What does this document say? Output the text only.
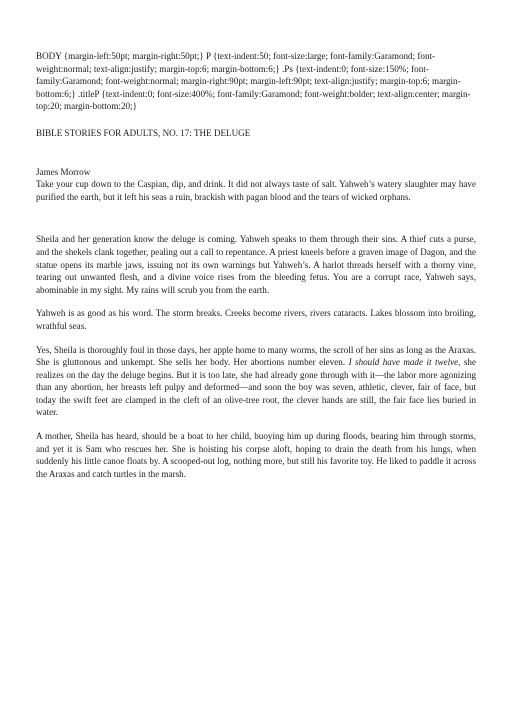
BODY {margin-left:50pt; margin-right:50pt;} P {text-indent:50; font-size:large; font-family:Garamond; font-weight:normal; text-align:justify; margin-top:6; margin-bottom:6;} .Ps {text-indent:0; font-size:150%; font-family:Garamond; font-weight:normal; margin-right:90pt; margin-left:90pt; text-align:justify; margin-top:6; margin-bottom:6;} .titleP {text-indent:0; font-size:400%; font-family:Garamond; font-weight:bolder; text-align:center; margin-top:20; margin-bottom:20;}

BIBLE STORIES FOR ADULTS, NO. 17: THE DELUGE

James Morrow

Take your cup down to the Caspian, dip, and drink. It did not always taste of salt. Yahweh’s watery slaughter may have purified the earth, but it left his seas a ruin, brackish with pagan blood and the tears of wicked orphans.

Sheila and her generation know the deluge is coming. Yahweh speaks to them through their sins. A thief cuts a purse, and the shekels clank together, pealing out a call to repentance. A priest kneels before a graven image of Dagon, and the statue opens its marble jaws, issuing not its own warnings but Yahweh’s. A harlot threads herself with a thorny vine, tearing out unwanted flesh, and a divine voice rises from the bleeding fetus. You are a corrupt race, Yahweh says, abominable in my sight. My rains will scrub you from the earth.

Yahweh is as good as his word. The storm breaks. Creeks become rivers, rivers cataracts. Lakes blossom into broiling, wrathful seas.

Yes, Sheila is thoroughly foul in those days, her apple home to many worms, the scroll of her sins as long as the Araxas. She is gluttonous and unkempt. She sells her body. Her abortions number eleven. I should have made it twelve, she realizes on the day the deluge begins. But it is too late, she had already gone through with it—the labor more agonizing than any abortion, her breasts left pulpy and deformed—and soon the boy was seven, athletic, clever, fair of face, but today the swift feet are clamped in the cleft of an olive-tree root, the clever hands are still, the fair face lies buried in water.

A mother, Sheila has heard, should be a boat to her child, buoying him up during floods, bearing him through storms, and yet it is Sam who rescues her. She is hoisting his corpse aloft, hoping to drain the death from his lungs, when suddenly his little canoe floats by. A scooped-out log, nothing more, but still his favorite toy. He liked to paddle it across the Araxas and catch turtles in the marsh.
